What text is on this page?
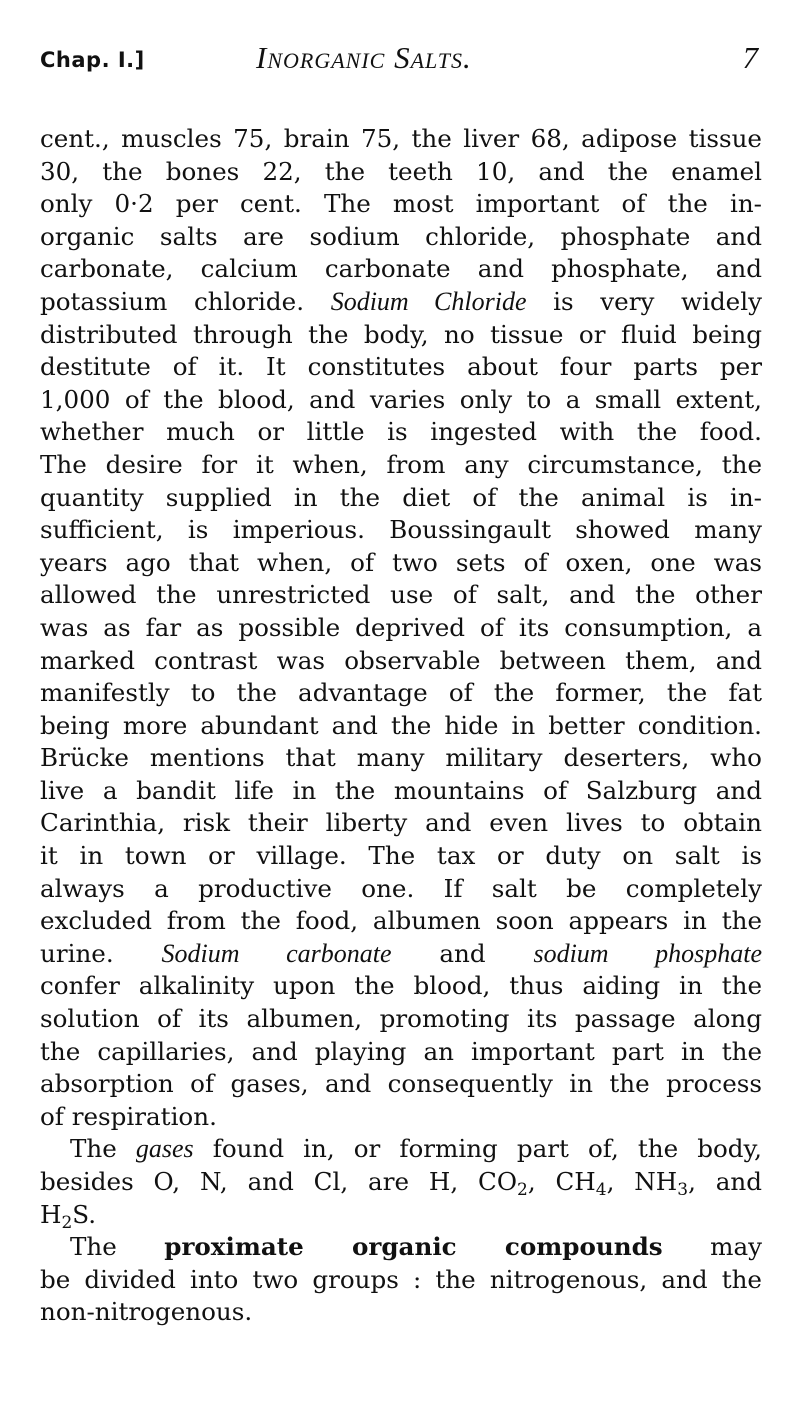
Chap. I.]	Inorganic Salts.	7
cent., muscles 75, brain 75, the liver 68, adipose tissue
30, the bones 22, the teeth 10, and the enamel
only 0·2 per cent. The most important of the in-
organic salts are sodium chloride, phosphate and
carbonate, calcium carbonate and phosphate, and
potassium chloride. Sodium Chloride is very widely
distributed through the body, no tissue or fluid being
destitute of it. It constitutes about four parts per
1,000 of the blood, and varies only to a small extent,
whether much or little is ingested with the food.
The desire for it when, from any circumstance, the
quantity supplied in the diet of the animal is in-
sufficient, is imperious. Boussingault showed many
years ago that when, of two sets of oxen, one was
allowed the unrestricted use of salt, and the other
was as far as possible deprived of its consumption, a
marked contrast was observable between them, and
manifestly to the advantage of the former, the fat
being more abundant and the hide in better condition.
Brücke mentions that many military deserters, who
live a bandit life in the mountains of Salzburg and
Carinthia, risk their liberty and even lives to obtain
it in town or village. The tax or duty on salt is
always a productive one. If salt be completely
excluded from the food, albumen soon appears in the
urine. Sodium carbonate and sodium phosphate
confer alkalinity upon the blood, thus aiding in the
solution of its albumen, promoting its passage along
the capillaries, and playing an important part in the
absorption of gases, and consequently in the process
of respiration.
The gases found in, or forming part of, the body,
besides O, N, and Cl, are H, $CO_2$, $CH_4$, $NH_3$, and
$H_2S$.
The proximate organic compounds may
be divided into two groups : the nitrogenous, and the
non-nitrogenous.
